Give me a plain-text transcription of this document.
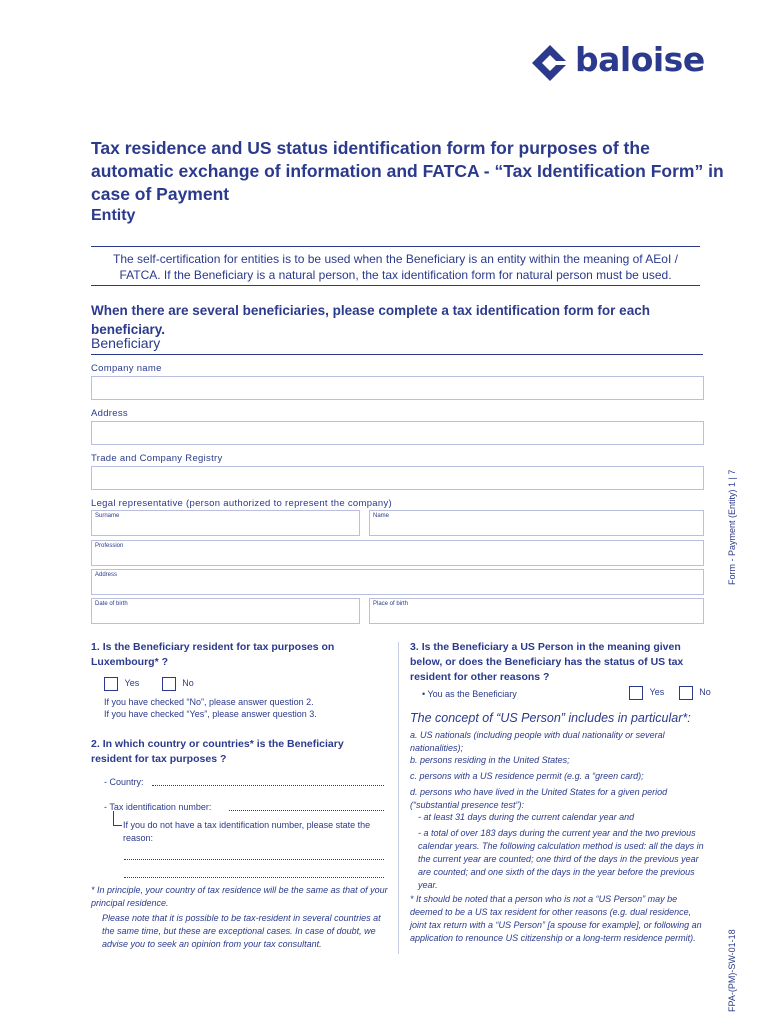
baloise
Tax residence and US status identification form for purposes of the automatic exchange of information and FATCA - “Tax Identification Form” in case of Payment
Entity
The self-certification for entities is to be used when the Beneficiary is an entity within the meaning of AEoI /
FATCA. If the Beneficiary is a natural person, the tax identification form for natural person must be used.
When there are several beneficiaries, please complete a tax identification form for each beneficiary.
Beneficiary
Company name
Address
Trade and Company Registry
Legal representative (person authorized to represent the company)
Surname	Name
Profession
Address
Date of birth	Place of birth
Form - Payment (Entity) 1 | 7
FPA-(PM)-SW-01-18
1. Is the Beneficiary resident for tax purposes on Luxembourg* ?
Yes	No
If you have checked “No”, please answer question 2.
If you have checked “Yes”, please answer question 3.
2. In which country or countries* is the Beneficiary resident for tax purposes ?
- Country:
- Tax identification number:
If you do not have a tax identification number, please state the reason:
* In principle, your country of tax residence will be the same as that of your principal residence.
Please note that it is possible to be tax-resident in several countries at the same time, but these are exceptional cases. In case of doubt, we advise you to seek an opinion from your tax consultant.
3. Is the Beneficiary a US Person in the meaning given below, or does the Beneficiary has the status of US tax resident for other reasons ?
• You as the Beneficiary	Yes	No
The concept of “US Person” includes in particular*:
a. US nationals (including people with dual nationality or several nationalities);
b. persons residing in the United States;
c. persons with a US residence permit (e.g. a “green card);
d. persons who have lived in the United States for a given period (“substantial presence test”):
- at least 31 days during the current calendar year and
- a total of over 183 days during the current year and the two previous calendar years. The following calculation method is used: all the days in the current year are counted; one third of the days in the previous year are counted; and one sixth of the days in the year before the previous year.
* It should be noted that a person who is not a “US Person” may be deemed to be a US tax resident for other reasons (e.g. dual residence, joint tax return with a “US Person” [a spouse for example], or following an application to renounce US citizenship or a long-term residence permit).
